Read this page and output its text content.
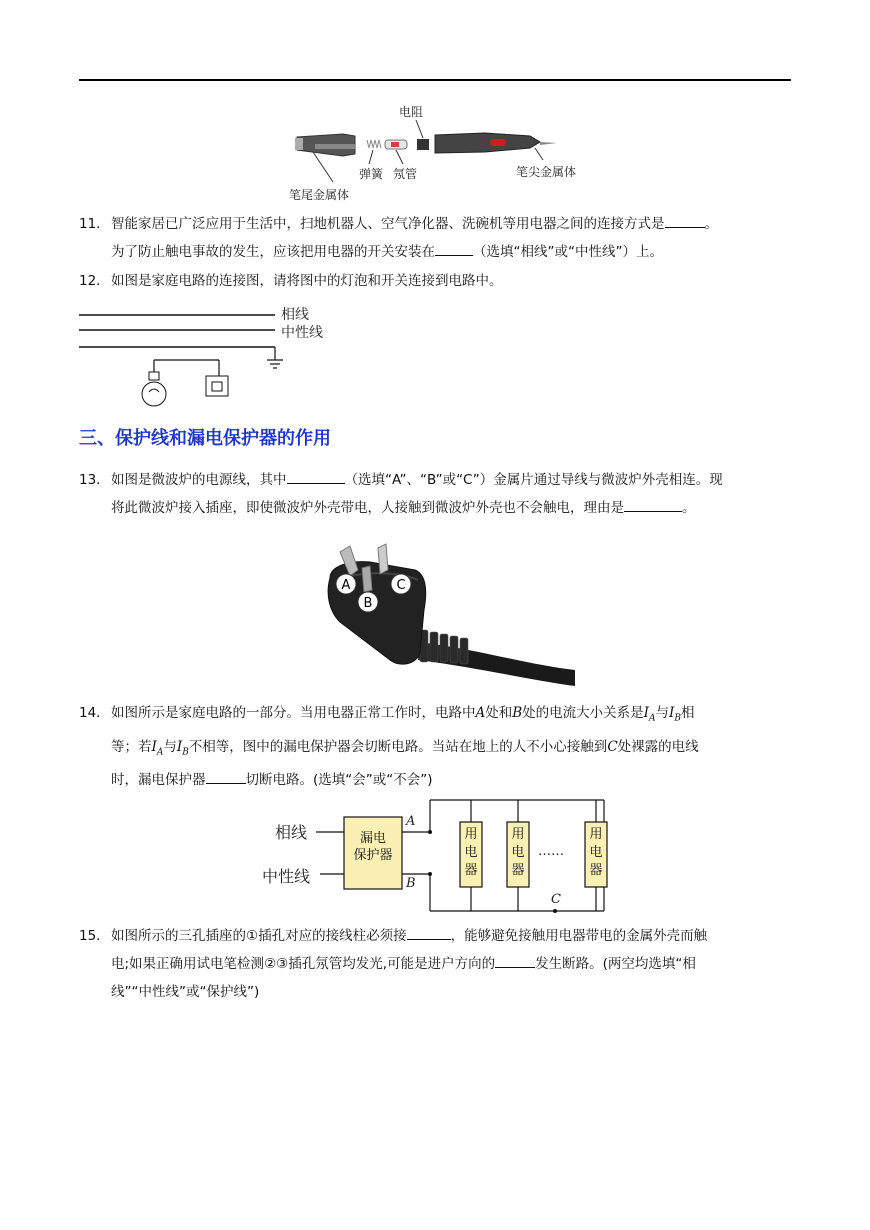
电阻
弹簧 氖管
笔尾金属体
笔尖金属体
11．智能家居已广泛应用于生活中，扫地机器人、空气净化器、洗碗机等用电器之间的连接方式是	。
为了防止触电事故的发生，应该把用电器的开关安装在	（选填“相线”或“中性线”）上。
12．如图是家庭电路的连接图，请将图中的灯泡和开关连接到电路中。
相线
中性线
三、保护线和漏电保护器的作用
13．如图是微波炉的电源线，其中	（选填“A”、“B”或“C”）金属片通过导线与微波炉外壳相连。现
将此微波炉接入插座，即使微波炉外壳带电，人接触到微波炉外壳也不会触电，理由是	。
A
B
C
14．如图所示是家庭电路的一部分。当用电器正常工作时，电路中A处和B处的电流大小关系是$I_A$与$I_B$相
等；若$I_A$与$I_B$不相等，图中的漏电保护器会切断电路。当站在地上的人不小心接触到C处裸露的电线
时，漏电保护器	切断电路。(选填“会”或“不会”)
相线
中性线
漏电
保护器
A
B
C
用
电
器
用
电
器
用
电
器
……
15．如图所示的三孔插座的①插孔对应的接线柱必须接	，能够避免接触用电器带电的金属外壳而触
电;如果正确用试电笔检测②③插孔氖管均发光,可能是进户方向的	发生断路。(两空均选填“相
线”“中性线”或“保护线”)
